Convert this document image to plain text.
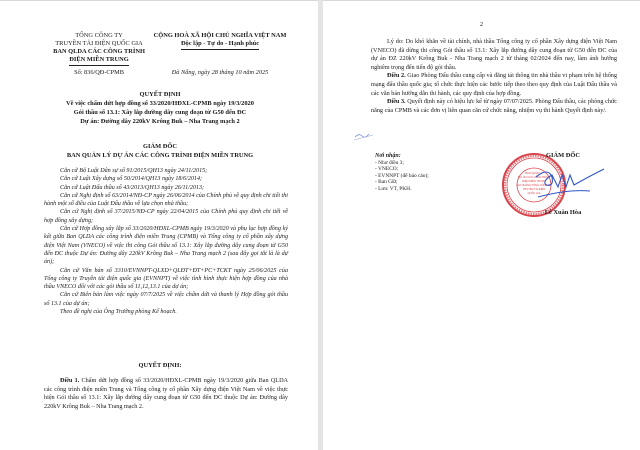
TỔNG CÔNG TY
TRUYỀN TẢI ĐIỆN QUỐC GIA
BAN QLDA CÁC CÔNG TRÌNH
ĐIỆN MIỀN TRUNG
CỘNG HOÀ XÃ HỘI CHỦ NGHĨA VIỆT NAM
Độc lập - Tự do - Hạnh phúc
Số: 836/QĐ-CPMB	Đà Nẵng, ngày 28 tháng 10 năm 2025
QUYẾT ĐỊNH
Về việc chấm dứt hợp đồng số 33/2020/HĐXL-CPMB ngày 19/3/2020
Gói thầu số 13.1: Xây lắp đường dây cung đoạn từ G50 đến ĐC
Dự án: Đường dây 220kV Krông Buk – Nha Trang mạch 2
GIÁM ĐỐC
BAN QUẢN LÝ DỰ ÁN CÁC CÔNG TRÌNH ĐIỆN MIỀN TRUNG

Căn cứ Bộ Luật Dân sự số 91/2015/QH13 ngày 24/11/2015;

Căn cứ Luật Xây dựng số 50/2014/QH13 ngày 18/6/2014;

Căn cứ Luật Đấu thầu số 43/2013/QH13 ngày 26/11/2013;

Căn cứ Nghị định số 63/2014/NĐ-CP ngày 26/06/2014 của Chính phủ về quy định chi tiết thi hành một số điều của Luật Đấu thầu về lựa chọn nhà thầu;

Căn cứ Nghị định số 37/2015/NĐ-CP ngày 22/04/2015 của Chính phủ quy định chi tiết về hợp đồng xây dựng;

Căn cứ Hợp đồng xây lắp số 33/2020/HĐXL-CPMB ngày 19/3/2020 và phụ lục hợp đồng ký kết giữa Ban QLDA các công trình điện miền Trung (CPMB) và Tổng công ty cổ phần xây dựng điện Việt Nam (VNECO) về việc thi công Gói thầu số 13.1: Xây lắp đường dây cung đoạn từ G50 đến ĐC thuộc Dự án: Đường dây 220kV Krông Buk – Nha Trang mạch 2 (sau đây gọi tắt là là dự án);

Căn cứ Văn bản số 3310/EVNNPT-QLXD+QLĐT+ĐT+PC+TCKT ngày 25/06/2025 của Tổng công ty Truyền tải điện quốc gia (EVNNPT) về việc tình hình thực hiện hợp đồng của nhà thầu VNECO đối với các gói thầu số 11,12,13.1 của dự án;

Căn cứ Biên bản làm việc ngày 07/7/2025 về việc chấm dứt và thanh lý Hợp đồng gói thầu số 13.1 của dự án;

Theo đề nghị của Ông Trưởng phòng Kế hoạch.

QUYẾT ĐỊNH:

Điều 1. Chấm dứt hợp đồng số 33/2020/HĐXL-CPMB ngày 19/3/2020 giữa Ban QLDA các công trình điện miền Trung và Tổng công ty cổ phần Xây dựng điện Việt Nam về việc thực hiện Gói thầu số 13.1: Xây lắp đường dây cung đoạn từ G50 đến ĐC thuộc Dự án: Đường dây 220kV Krông Buk – Nha Trang mạch 2.

2

Lý do: Do khó khăn về tài chính, nhà thầu Tổng công ty cổ phần Xây dựng điện Việt Nam (VNECO) đã dừng thi công Gói thầu số 13.1: Xây lắp đường dây cung đoạn từ G50 đến ĐC của dự án ĐZ 220kV Krông Buk - Nha Trang mạch 2 từ tháng 02/2024 đến nay, làm ảnh hưởng nghiêm trọng đến tiến độ gói thầu.

Điều 2. Giao Phòng Đấu thầu cung cấp và đăng tải thông tin nhà thầu vi phạm trên hệ thống mạng đấu thầu quốc gia; tổ chức thực hiện các bước tiếp theo theo quy định của Luật Đấu thầu và các văn bản hướng dẫn thi hành, các quy định của hợp đồng.

Điều 3. Quyết định này có hiệu lực kể từ ngày 07/07/2025. Phòng Đấu thầu, các phòng chức năng của CPMB và các đơn vị liên quan căn cứ chức năng, nhiệm vụ thi hành Quyết định này/.

Nơi nhận:
- Như điều 3;
- VNECO;
- EVNNPT (để báo cáo);
- Ban GĐ;
- Lưu: VT, PKH.
BAN QUẢN LÝ
DỰ ÁN CÁC CÔNG TRÌNH
ĐIỆN MIỀN TRUNG
CHI NHÁNH TỔNG CÔNG TY
TRUYỀN TẢI ĐIỆN
QUỐC GIA
GIÁM ĐỐC
Lê Xuân Hòa
